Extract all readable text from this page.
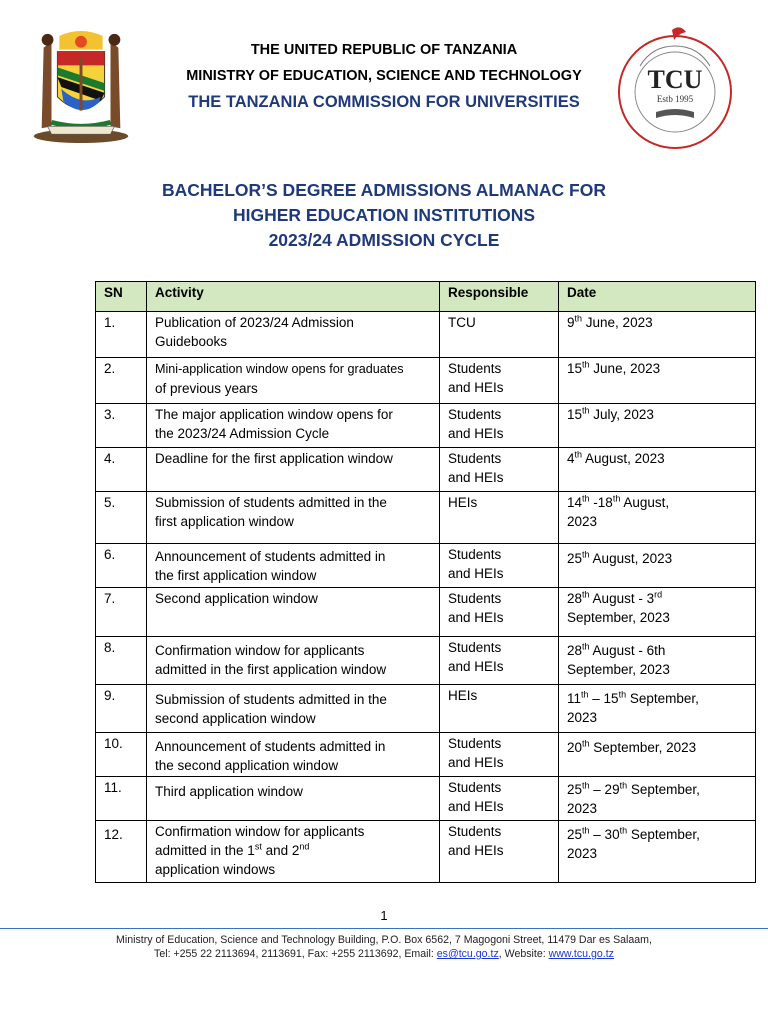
TCU
Estb 1995
THE UNITED REPUBLIC OF TANZANIA
MINISTRY OF EDUCATION, SCIENCE AND TECHNOLOGY
THE TANZANIA COMMISSION FOR UNIVERSITIES
BACHELOR’S DEGREE ADMISSIONS ALMANAC FOR
HIGHER EDUCATION INSTITUTIONS
2023/24 ADMISSION CYCLE
SN	Activity	Responsible	Date
1.	Publication of 2023/24 Admission
Guidebooks	TCU	9th June, 2023
2.	Mini-application window opens for graduates
of previous years	Students
and HEIs	15th June, 2023
3.	The major application window opens for
the 2023/24 Admission Cycle	Students
and HEIs	15th July, 2023
4.	Deadline for the first application window	Students
and HEIs	4th August, 2023
5.	Submission of students admitted in the
first application window	HEIs	14th -18th August,
2023
6.	Announcement of students admitted in
the first application window	Students
and HEIs	25th August, 2023
7.	Second application window	Students
and HEIs	28th August - 3rd
September, 2023
8.	Confirmation window for applicants
admitted in the first application window	Students
and HEIs	28th August - 6th
September, 2023
9.	Submission of students admitted in the
second application window	HEIs	11th – 15th September,
2023
10.	Announcement of students admitted in
the second application window	Students
and HEIs	20th September, 2023
11.	Third application window	Students
and HEIs	25th – 29th September,
2023
12.	Confirmation window for applicants
admitted in the 1st and 2nd
application windows	Students
and HEIs	25th – 30th September,
2023
1
Ministry of Education, Science and Technology Building, P.O. Box 6562, 7 Magogoni Street, 11479 Dar es Salaam,
Tel: +255 22 2113694, 2113691, Fax: +255 2113692, Email: es@tcu.go.tz, Website: www.tcu.go.tz
